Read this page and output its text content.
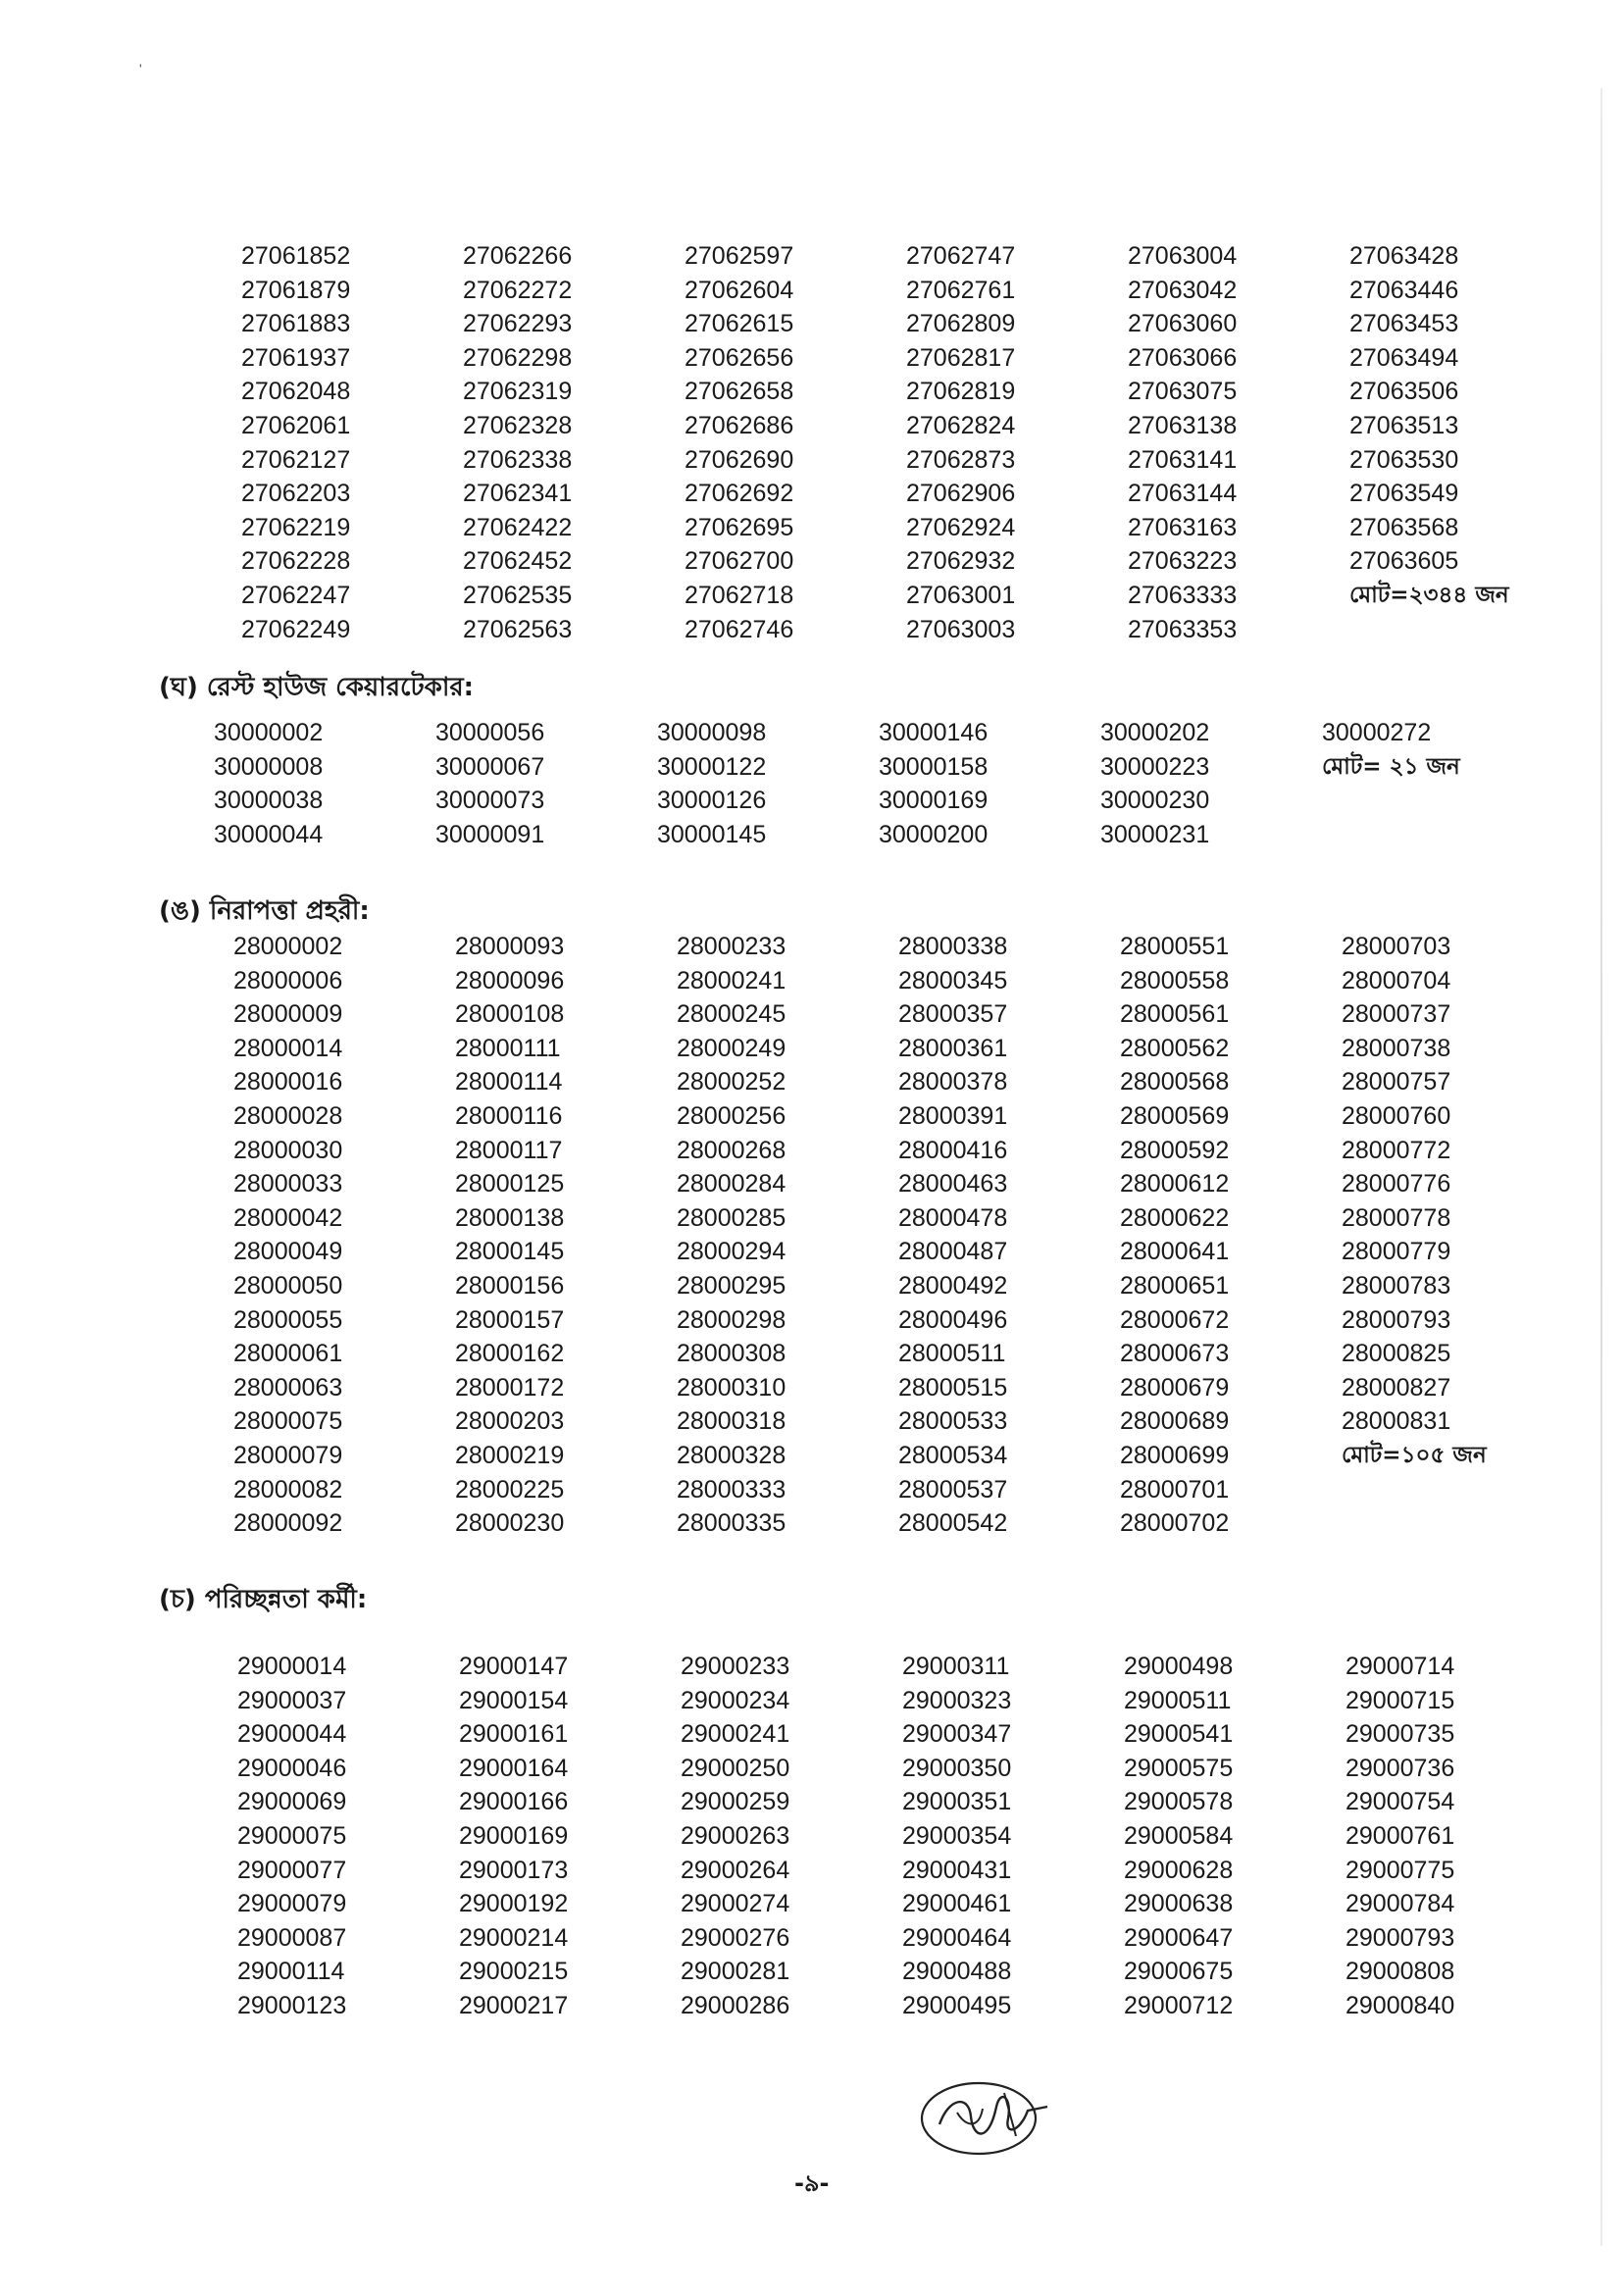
'
27061852
27061879
27061883
27061937
27062048
27062061
27062127
27062203
27062219
27062228
27062247
27062249
27062266
27062272
27062293
27062298
27062319
27062328
27062338
27062341
27062422
27062452
27062535
27062563
27062597
27062604
27062615
27062656
27062658
27062686
27062690
27062692
27062695
27062700
27062718
27062746
27062747
27062761
27062809
27062817
27062819
27062824
27062873
27062906
27062924
27062932
27063001
27063003
27063004
27063042
27063060
27063066
27063075
27063138
27063141
27063144
27063163
27063223
27063333
27063353
27063428
27063446
27063453
27063494
27063506
27063513
27063530
27063549
27063568
27063605
মোট=২৩৪৪ জন
(ঘ) রেস্ট হাউজ কেয়ারটেকার:
30000002
30000008
30000038
30000044
30000056
30000067
30000073
30000091
30000098
30000122
30000126
30000145
30000146
30000158
30000169
30000200
30000202
30000223
30000230
30000231
30000272
মোট= ২১ জন
(ঙ) নিরাপত্তা প্রহরী:
28000002
28000006
28000009
28000014
28000016
28000028
28000030
28000033
28000042
28000049
28000050
28000055
28000061
28000063
28000075
28000079
28000082
28000092
28000093
28000096
28000108
28000111
28000114
28000116
28000117
28000125
28000138
28000145
28000156
28000157
28000162
28000172
28000203
28000219
28000225
28000230
28000233
28000241
28000245
28000249
28000252
28000256
28000268
28000284
28000285
28000294
28000295
28000298
28000308
28000310
28000318
28000328
28000333
28000335
28000338
28000345
28000357
28000361
28000378
28000391
28000416
28000463
28000478
28000487
28000492
28000496
28000511
28000515
28000533
28000534
28000537
28000542
28000551
28000558
28000561
28000562
28000568
28000569
28000592
28000612
28000622
28000641
28000651
28000672
28000673
28000679
28000689
28000699
28000701
28000702
28000703
28000704
28000737
28000738
28000757
28000760
28000772
28000776
28000778
28000779
28000783
28000793
28000825
28000827
28000831
মোট=১০৫ জন
(চ) পরিচ্ছন্নতা কর্মী:
29000014
29000037
29000044
29000046
29000069
29000075
29000077
29000079
29000087
29000114
29000123
29000147
29000154
29000161
29000164
29000166
29000169
29000173
29000192
29000214
29000215
29000217
29000233
29000234
29000241
29000250
29000259
29000263
29000264
29000274
29000276
29000281
29000286
29000311
29000323
29000347
29000350
29000351
29000354
29000431
29000461
29000464
29000488
29000495
29000498
29000511
29000541
29000575
29000578
29000584
29000628
29000638
29000647
29000675
29000712
29000714
29000715
29000735
29000736
29000754
29000761
29000775
29000784
29000793
29000808
29000840
-৯-
